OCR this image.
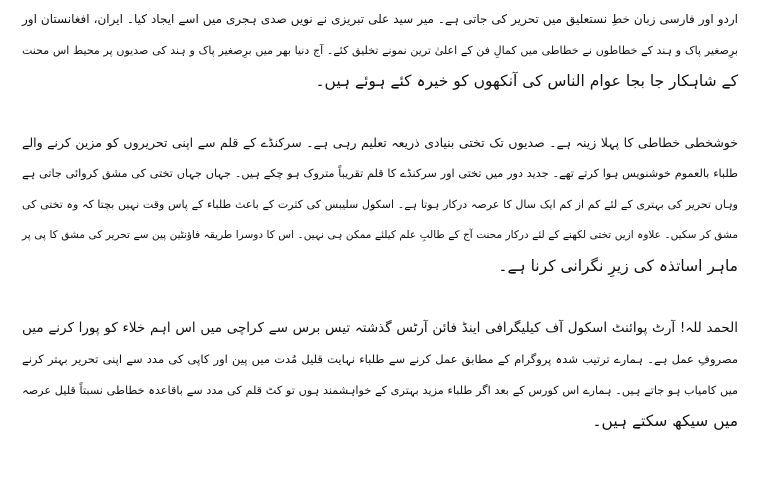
اردو اور فارسی زبان خطِ نستعلیق میں تحریر کی جاتی ہے۔ میر سید علی تبریزی نے نویں صدی ہجری میں اسے ایجاد کیا۔ ایران، افغانستان اور
برِصغیر پاک و ہند کے خطاطوں نے خطاطی میں کمالِ فن کے اعلیٰ ترین نمونے تخلیق کئے۔ آج دنیا بھر میں برِصغیر پاک و ہند کی صدیوں پر محیط اس محنت
کے شاہکار جا بجا عوام الناس کی آنکھوں کو خیرہ کئے ہوئے ہیں۔
خوشخطی خطاطی کا پہلا زینہ ہے۔ صدیوں تک تختی بنیادی ذریعہ تعلیم رہی ہے۔ سرکنڈے کے قلم سے اپنی تحریروں کو مزین کرنے والے
طلباء بالعموم خوشنویس ہوا کرتے تھے۔ جدید دور میں تختی اور سرکنڈے کا قلم تقریباً متروک ہو چکے ہیں۔ جہاں جہاں تختی کی مشق کروائی جاتی ہے
وہاں تحریر کی بہتری کے لئے کم از کم ایک سال کا عرصہ درکار ہوتا ہے۔ اسکول سلیبس کی کثرت کے باعث طلباء کے پاس وقت نہیں بچتا کہ وہ تختی کی
مشق کر سکیں۔ علاوہ ازیں تختی لکھنے کے لئے درکار محنت آج کے طالبِ علم کیلئے ممکن ہی نہیں۔ اس کا دوسرا طریقہ فاؤنٹین پین سے تحریر کی مشق کا پی پر
ماہر اساتذہ کی زیرِ نگرانی کرنا ہے۔
الحمد للہ! آرٹ پوائنٹ اسکول آف کیلیگرافی اینڈ فائن آرٹس گذشتہ تیس برس سے کراچی میں اس اہم خلاء کو پورا کرنے میں
مصروفِ عمل ہے۔ ہمارے ترتیب شدہ پروگرام کے مطابق عمل کرنے سے طلباء نہایت قلیل مُدت میں پین اور کاپی کی مدد سے اپنی تحریر بہتر کرنے
میں کامیاب ہو جاتے ہیں۔ ہمارے اس کورس کے بعد اگر طلباء مزید بہتری کے خواہشمند ہوں تو کٹ قلم کی مدد سے باقاعدہ خطاطی نسبتاً قلیل عرصہ
میں سیکھ سکتے ہیں۔
